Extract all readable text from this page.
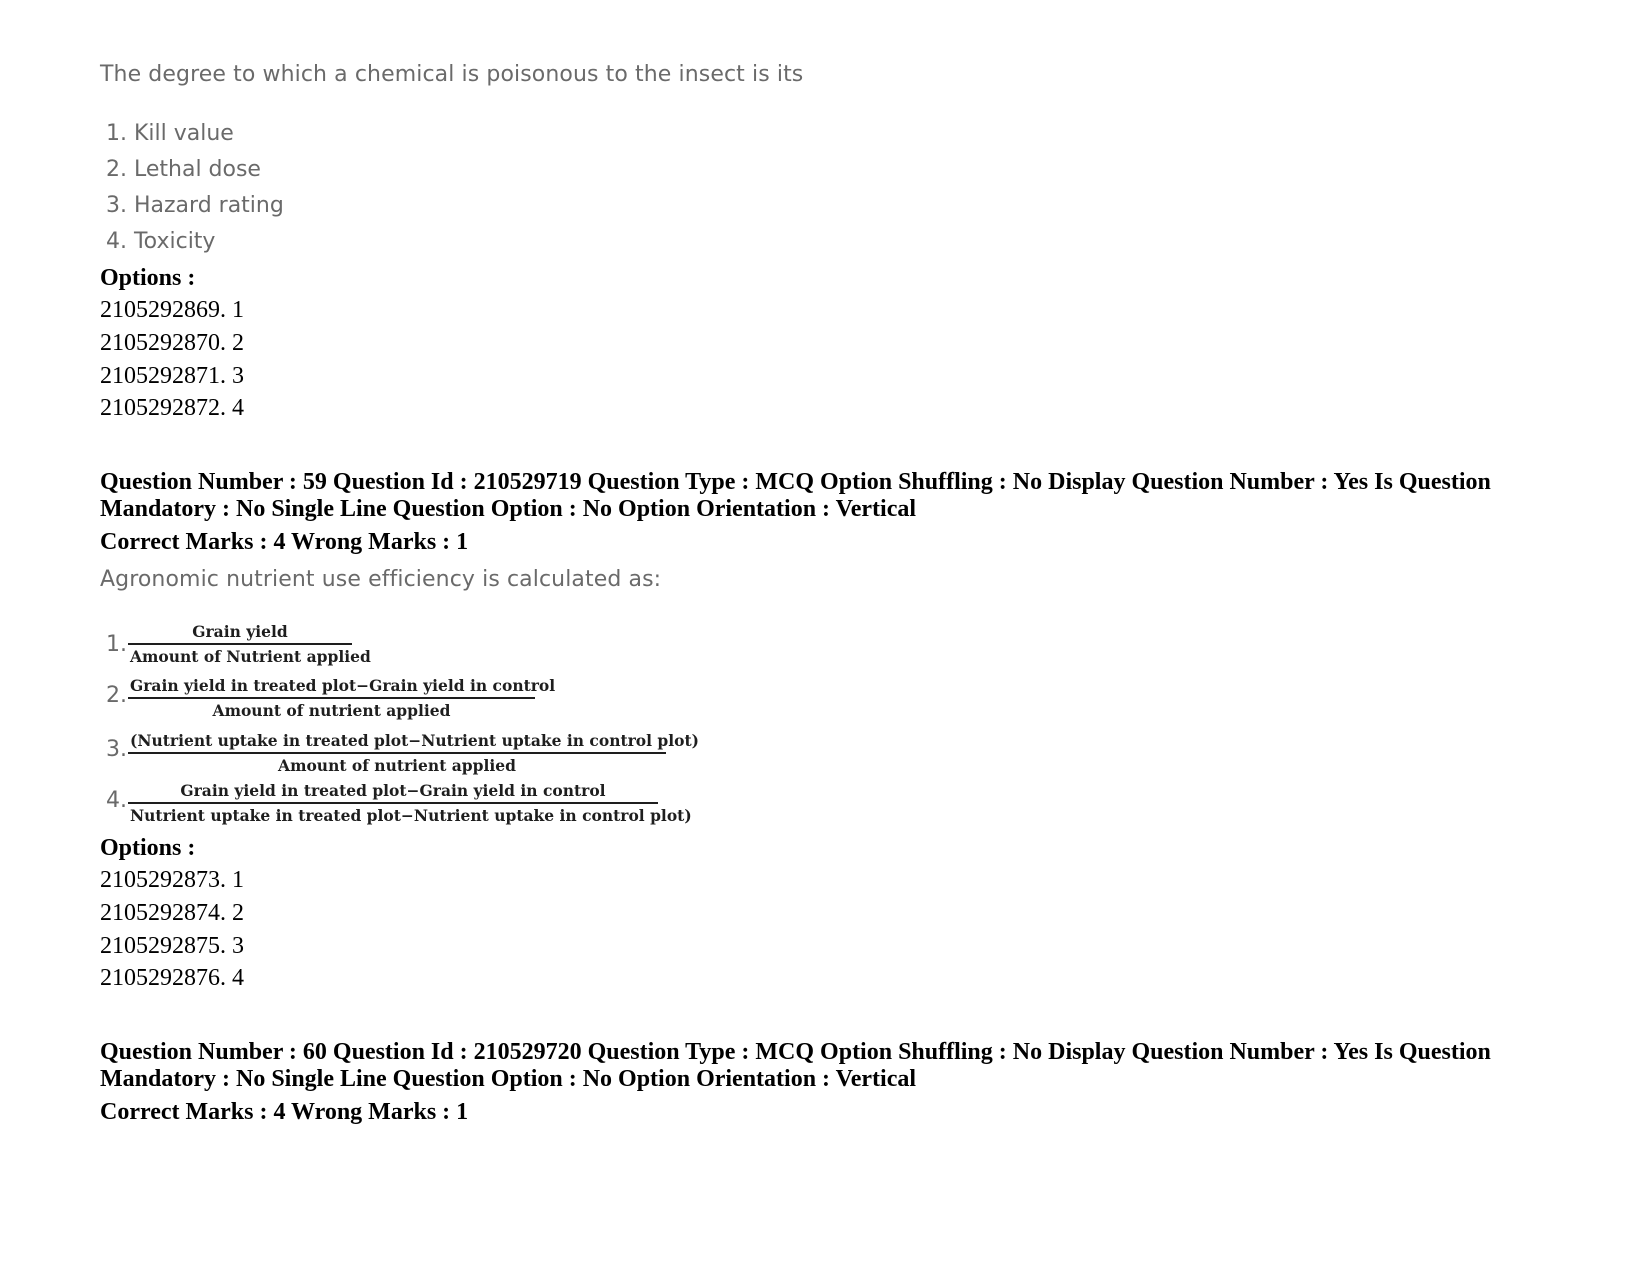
The degree to which a chemical is poisonous to the insect is its
1. Kill value
2. Lethal dose
3. Hazard rating
4. Toxicity
Options :
2105292869. 1
2105292870. 2
2105292871. 3
2105292872. 4
Question Number : 59 Question Id : 210529719 Question Type : MCQ Option Shuffling : No Display Question Number : Yes Is Question
Mandatory : No Single Line Question Option : No Option Orientation : Vertical
Correct Marks : 4 Wrong Marks : 1
Agronomic nutrient use efficiency is calculated as:
1.
Grain yield
Amount of Nutrient applied
2. Grain yield in treated plot−Grain yield in control
Amount of nutrient applied
3. (Nutrient uptake in treated plot−Nutrient uptake in control plot)
Amount of nutrient applied
4.	Grain yield in treated plot−Grain yield in control
Nutrient uptake in treated plot−Nutrient uptake in control plot)
Options :
2105292873. 1
2105292874. 2
2105292875. 3
2105292876. 4
Question Number : 60 Question Id : 210529720 Question Type : MCQ Option Shuffling : No Display Question Number : Yes Is Question
Mandatory : No Single Line Question Option : No Option Orientation : Vertical
Correct Marks : 4 Wrong Marks : 1
